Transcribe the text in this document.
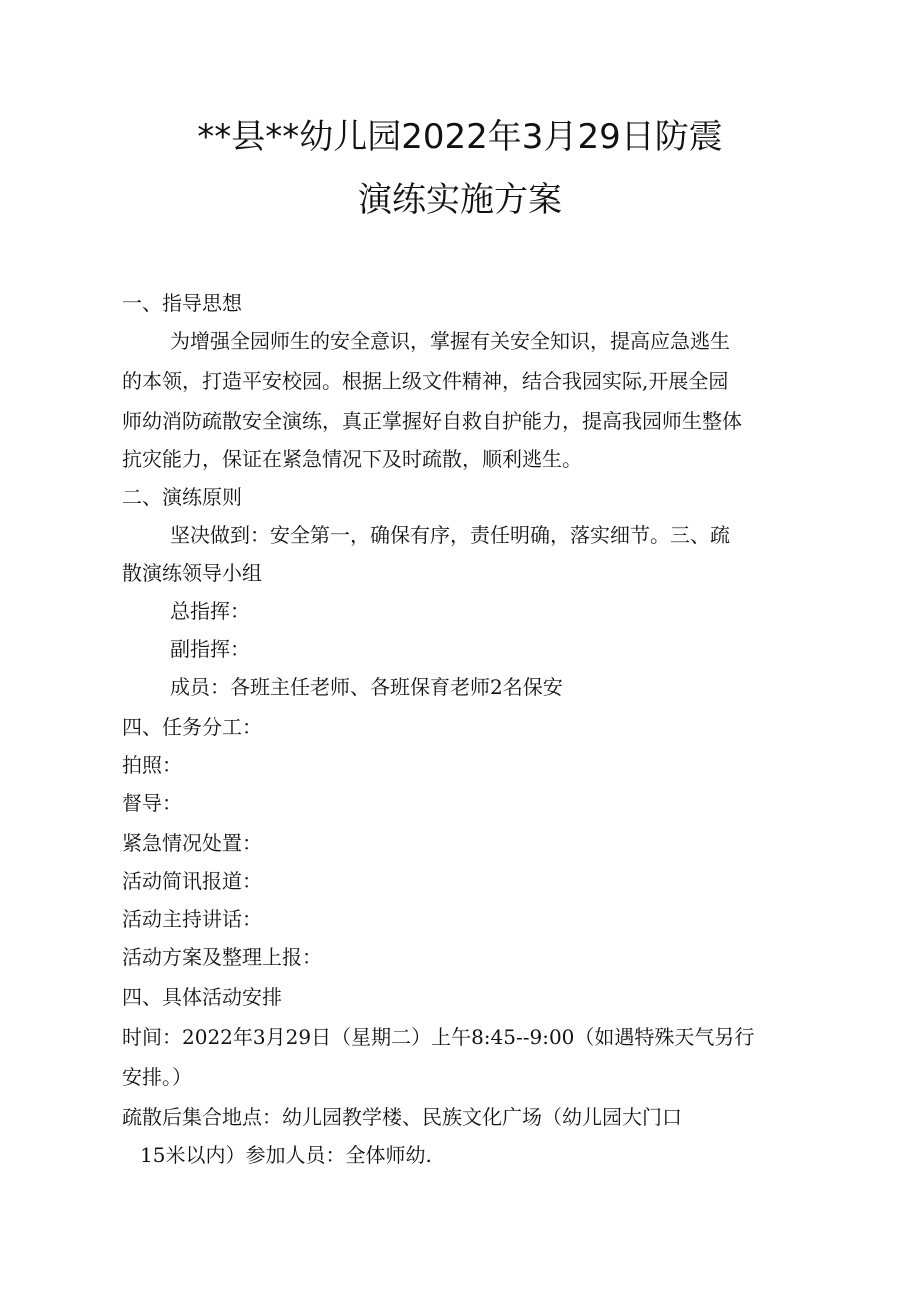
**县**幼儿园2022年3月29日防震
演练实施方案
一、指导思想
为增强全园师生的安全意识，掌握有关安全知识，提高应急逃生
的本领，打造平安校园。根据上级文件精神，结合我园实际,开展全园
师幼消防疏散安全演练，真正掌握好自救自护能力，提高我园师生整体
抗灾能力，保证在紧急情况下及时疏散，顺利逃生。
二、演练原则
坚决做到：安全第一，确保有序，责任明确，落实细节。三、疏
散演练领导小组
总指挥：
副指挥：
成员：各班主任老师、各班保育老师2名保安
四、任务分工：
拍照：
督导：
紧急情况处置：
活动简讯报道：
活动主持讲话：
活动方案及整理上报：
四、具体活动安排
时间：2022年3月29日（星期二）上午8:45--9:00（如遇特殊天气另行
安排。）
疏散后集合地点：幼儿园教学楼、民族文化广场（幼儿园大门口
15米以内）参加人员：全体师幼.
